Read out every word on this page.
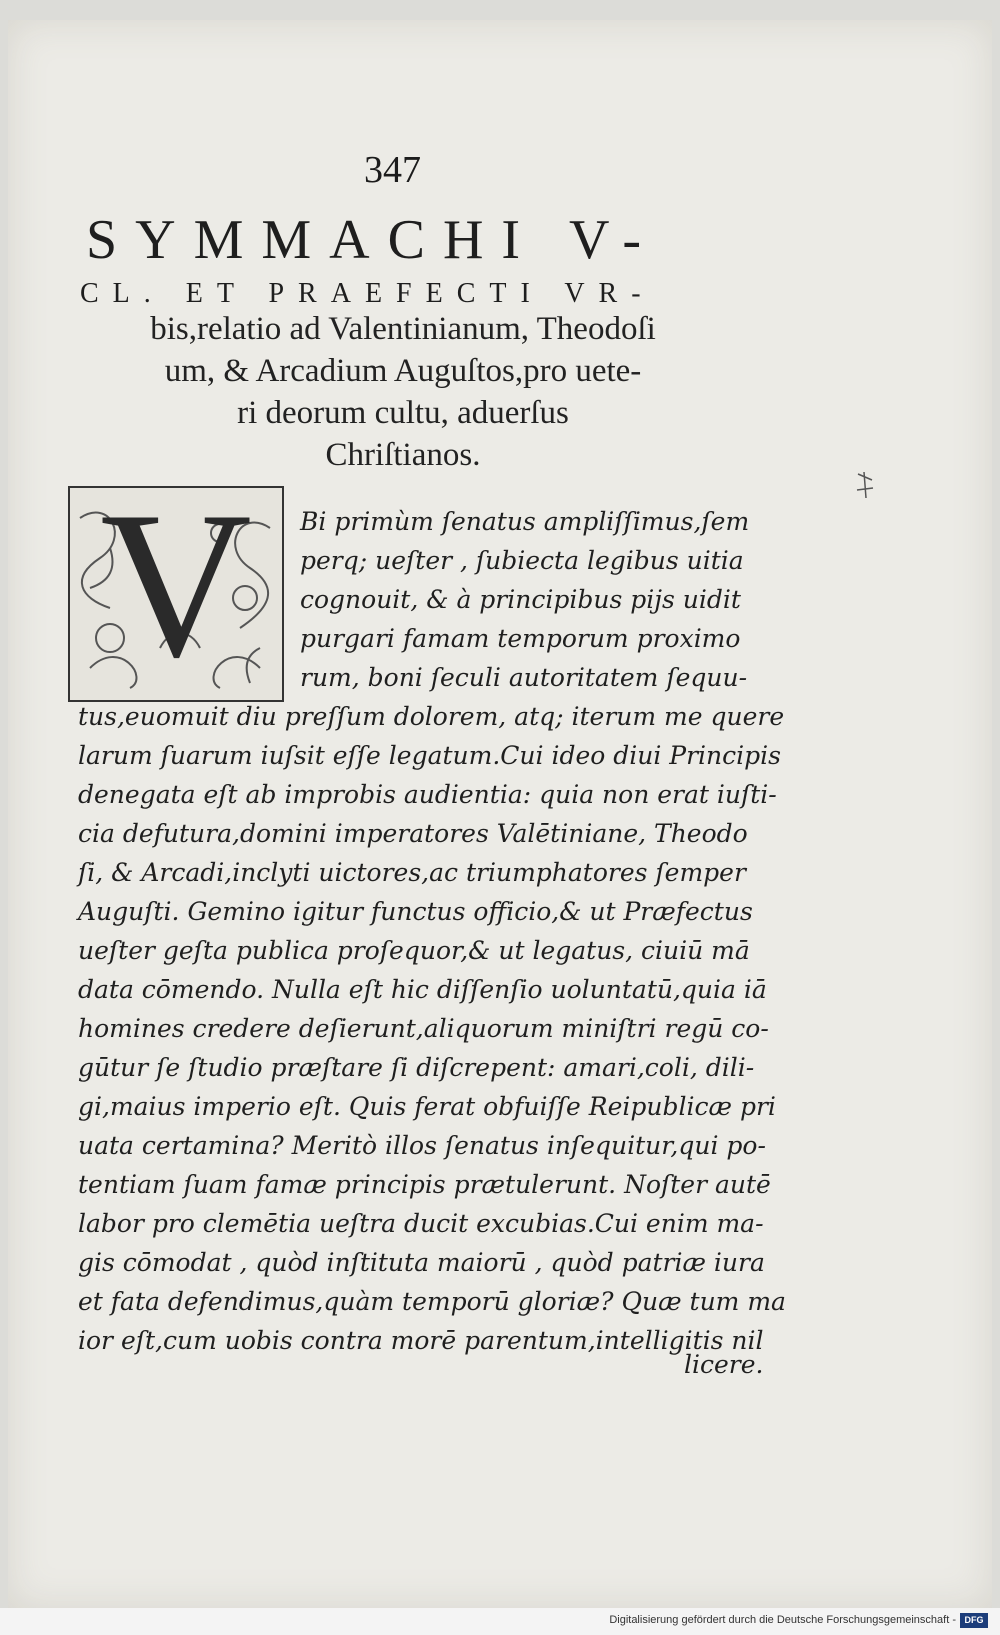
347
SYMMACHI V-
CL. ET PRAEFECTI VR-
bis,relatio ad Valentinianum, Theodoſi
um, & Arcadium Auguſtos,pro uete-
ri deorum cultu, aduerſus
Chriſtianos.
V	Bi primùm ſenatus ampliſſimus,ſem
perq; ueſter , ſubiecta legibus uitia
cognouit, & à principibus pijs uidit
purgari famam temporum proximo
rum, boni ſeculi autoritatem ſequu-
tus,euomuit diu preſſum dolorem, atq; iterum me quere
larum ſuarum iuſsit eſſe legatum.Cui ideo diui Principis
denegata eſt ab improbis audientia: quia non erat iuſti-
cia defutura,domini imperatores Valētiniane, Theodo
ſi, & Arcadi,inclyti uictores,ac triumphatores ſemper
Auguſti. Gemino igitur functus officio,& ut Præfectus
ueſter geſta publica proſequor,& ut legatus, ciuiū mā
data cōmendo. Nulla eſt hic diſſenſio uoluntatū,quia iā
homines credere deſierunt,aliquorum miniſtri regū co-
gūtur ſe ſtudio præſtare ſi diſcrepent: amari,coli, dili-
gi,maius imperio eſt. Quis ferat obfuiſſe Reipublicæ pri
uata certamina? Meritò illos ſenatus inſequitur,qui po-
tentiam ſuam famæ principis prætulerunt. Noſter autē
labor pro clemētia ueſtra ducit excubias.Cui enim ma-
gis cōmodat , quòd inſtituta maiorū , quòd patriæ iura
et fata defendimus,quàm temporū gloriæ? Quæ tum ma
ior eſt,cum uobis contra morē parentum,intelligitis nil
licere.
Digitalisierung gefördert durch die Deutsche Forschungsgemeinschaft - DFG
